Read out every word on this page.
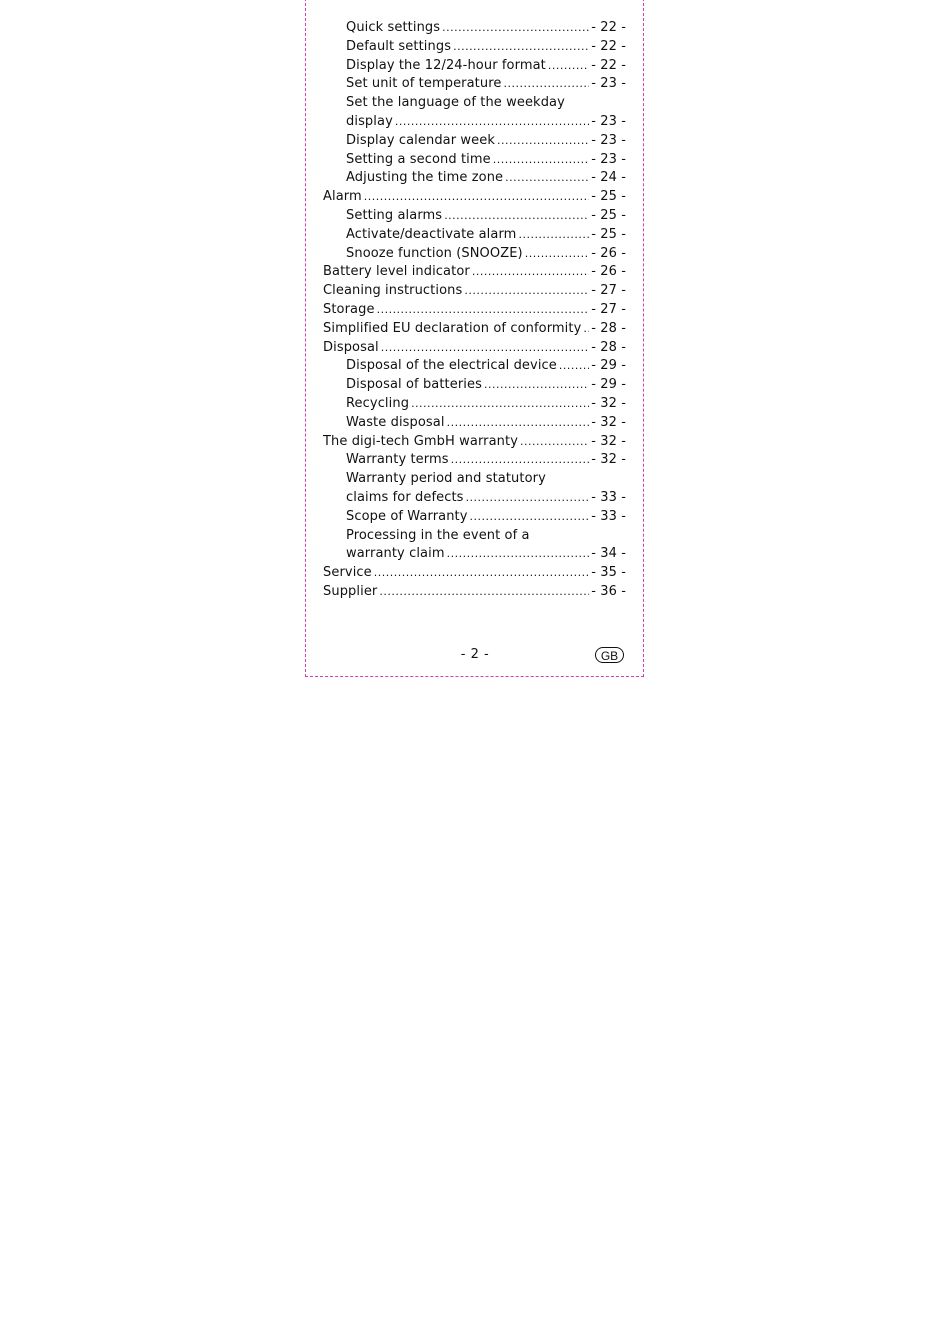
Quick settings .....	- 22 -
Default settings .....	- 22 -
Display the 12/24-hour format .....	- 22 -
Set unit of temperature .....	- 23 -
Set the language of the weekday
display .....	- 23 -
Display calendar week .....	- 23 -
Setting a second time .....	- 23 -
Adjusting the time zone .....	- 24 -
Alarm .....	- 25 -
Setting alarms .....	- 25 -
Activate/deactivate alarm .....	- 25 -
Snooze function (SNOOZE) .....	- 26 -
Battery level indicator .....	- 26 -
Cleaning instructions .....	- 27 -
Storage .....	- 27 -
Simplified EU declaration of conformity ..... - 28 -
Disposal .....	- 28 -
Disposal of the electrical device .....	- 29 -
Disposal of batteries .....	- 29 -
Recycling .....	- 32 -
Waste disposal .....	- 32 -
The digi-tech GmbH warranty .....	- 32 -
Warranty terms .....	- 32 -
Warranty period and statutory
claims for defects .....	- 33 -
Scope of Warranty .....	- 33 -
Processing in the event of a
warranty claim .....	- 34 -
Service .....	- 35 -
Supplier .....	- 36 -
- 2 -	GB
